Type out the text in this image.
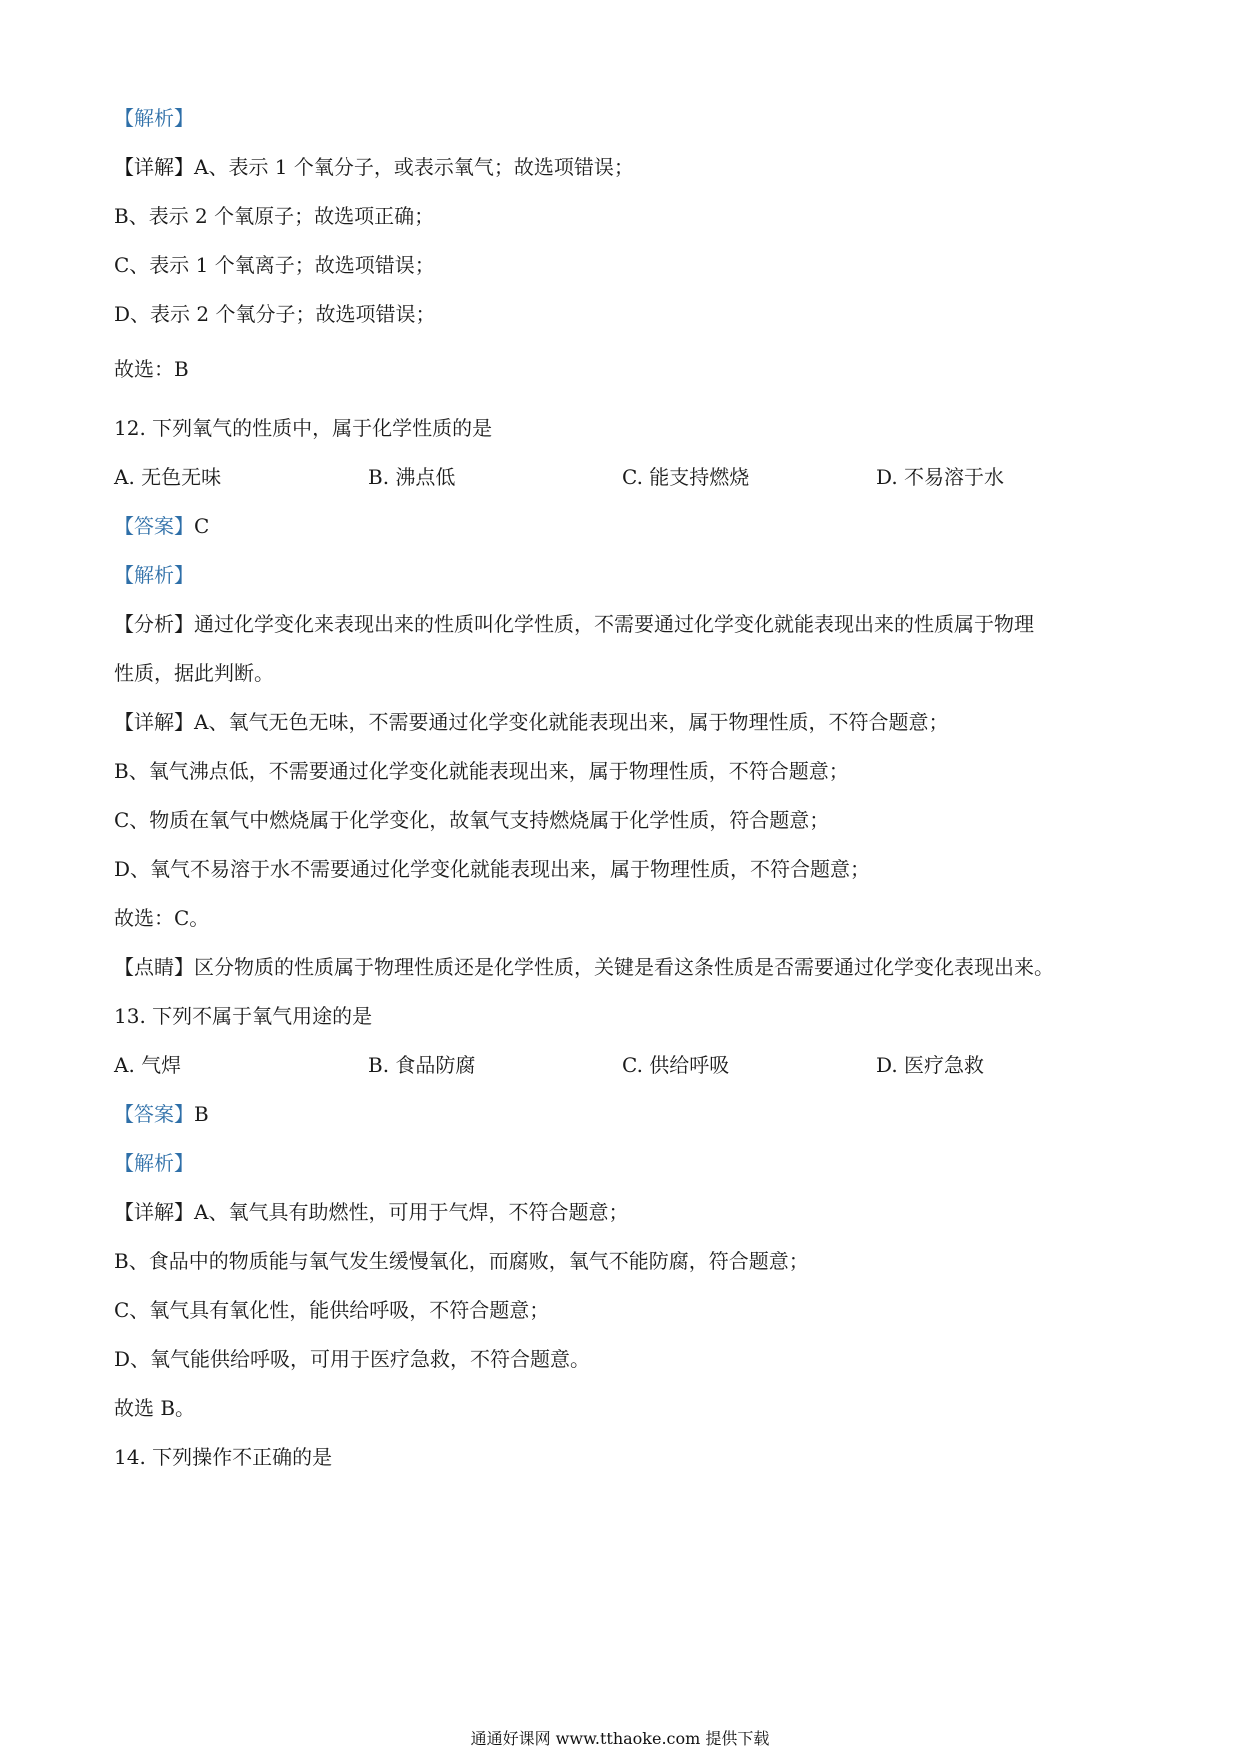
【解析】
【详解】A、表示 1 个氧分子，或表示氧气；故选项错误；
B、表示 2 个氧原子；故选项正确；
C、表示 1 个氧离子；故选项错误；
D、表示 2 个氧分子；故选项错误；
故选：B
12. 下列氧气的性质中，属于化学性质的是
A. 无色无味	B. 沸点低	C. 能支持燃烧	D. 不易溶于水
【答案】C
【解析】
【分析】通过化学变化来表现出来的性质叫化学性质，不需要通过化学变化就能表现出来的性质属于物理
性质，据此判断。
【详解】A、氧气无色无味，不需要通过化学变化就能表现出来，属于物理性质，不符合题意；
B、氧气沸点低，不需要通过化学变化就能表现出来，属于物理性质，不符合题意；
C、物质在氧气中燃烧属于化学变化，故氧气支持燃烧属于化学性质，符合题意；
D、氧气不易溶于水不需要通过化学变化就能表现出来，属于物理性质，不符合题意；
故选：C。
【点睛】区分物质的性质属于物理性质还是化学性质，关键是看这条性质是否需要通过化学变化表现出来。
13. 下列不属于氧气用途的是
A. 气焊	B. 食品防腐	C. 供给呼吸	D. 医疗急救
【答案】B
【解析】
【详解】A、氧气具有助燃性，可用于气焊，不符合题意；
B、食品中的物质能与氧气发生缓慢氧化，而腐败，氧气不能防腐，符合题意；
C、氧气具有氧化性，能供给呼吸，不符合题意；
D、氧气能供给呼吸，可用于医疗急救，不符合题意。
故选 B。
14. 下列操作不正确的是
通通好课网 www.tthaoke.com 提供下载
